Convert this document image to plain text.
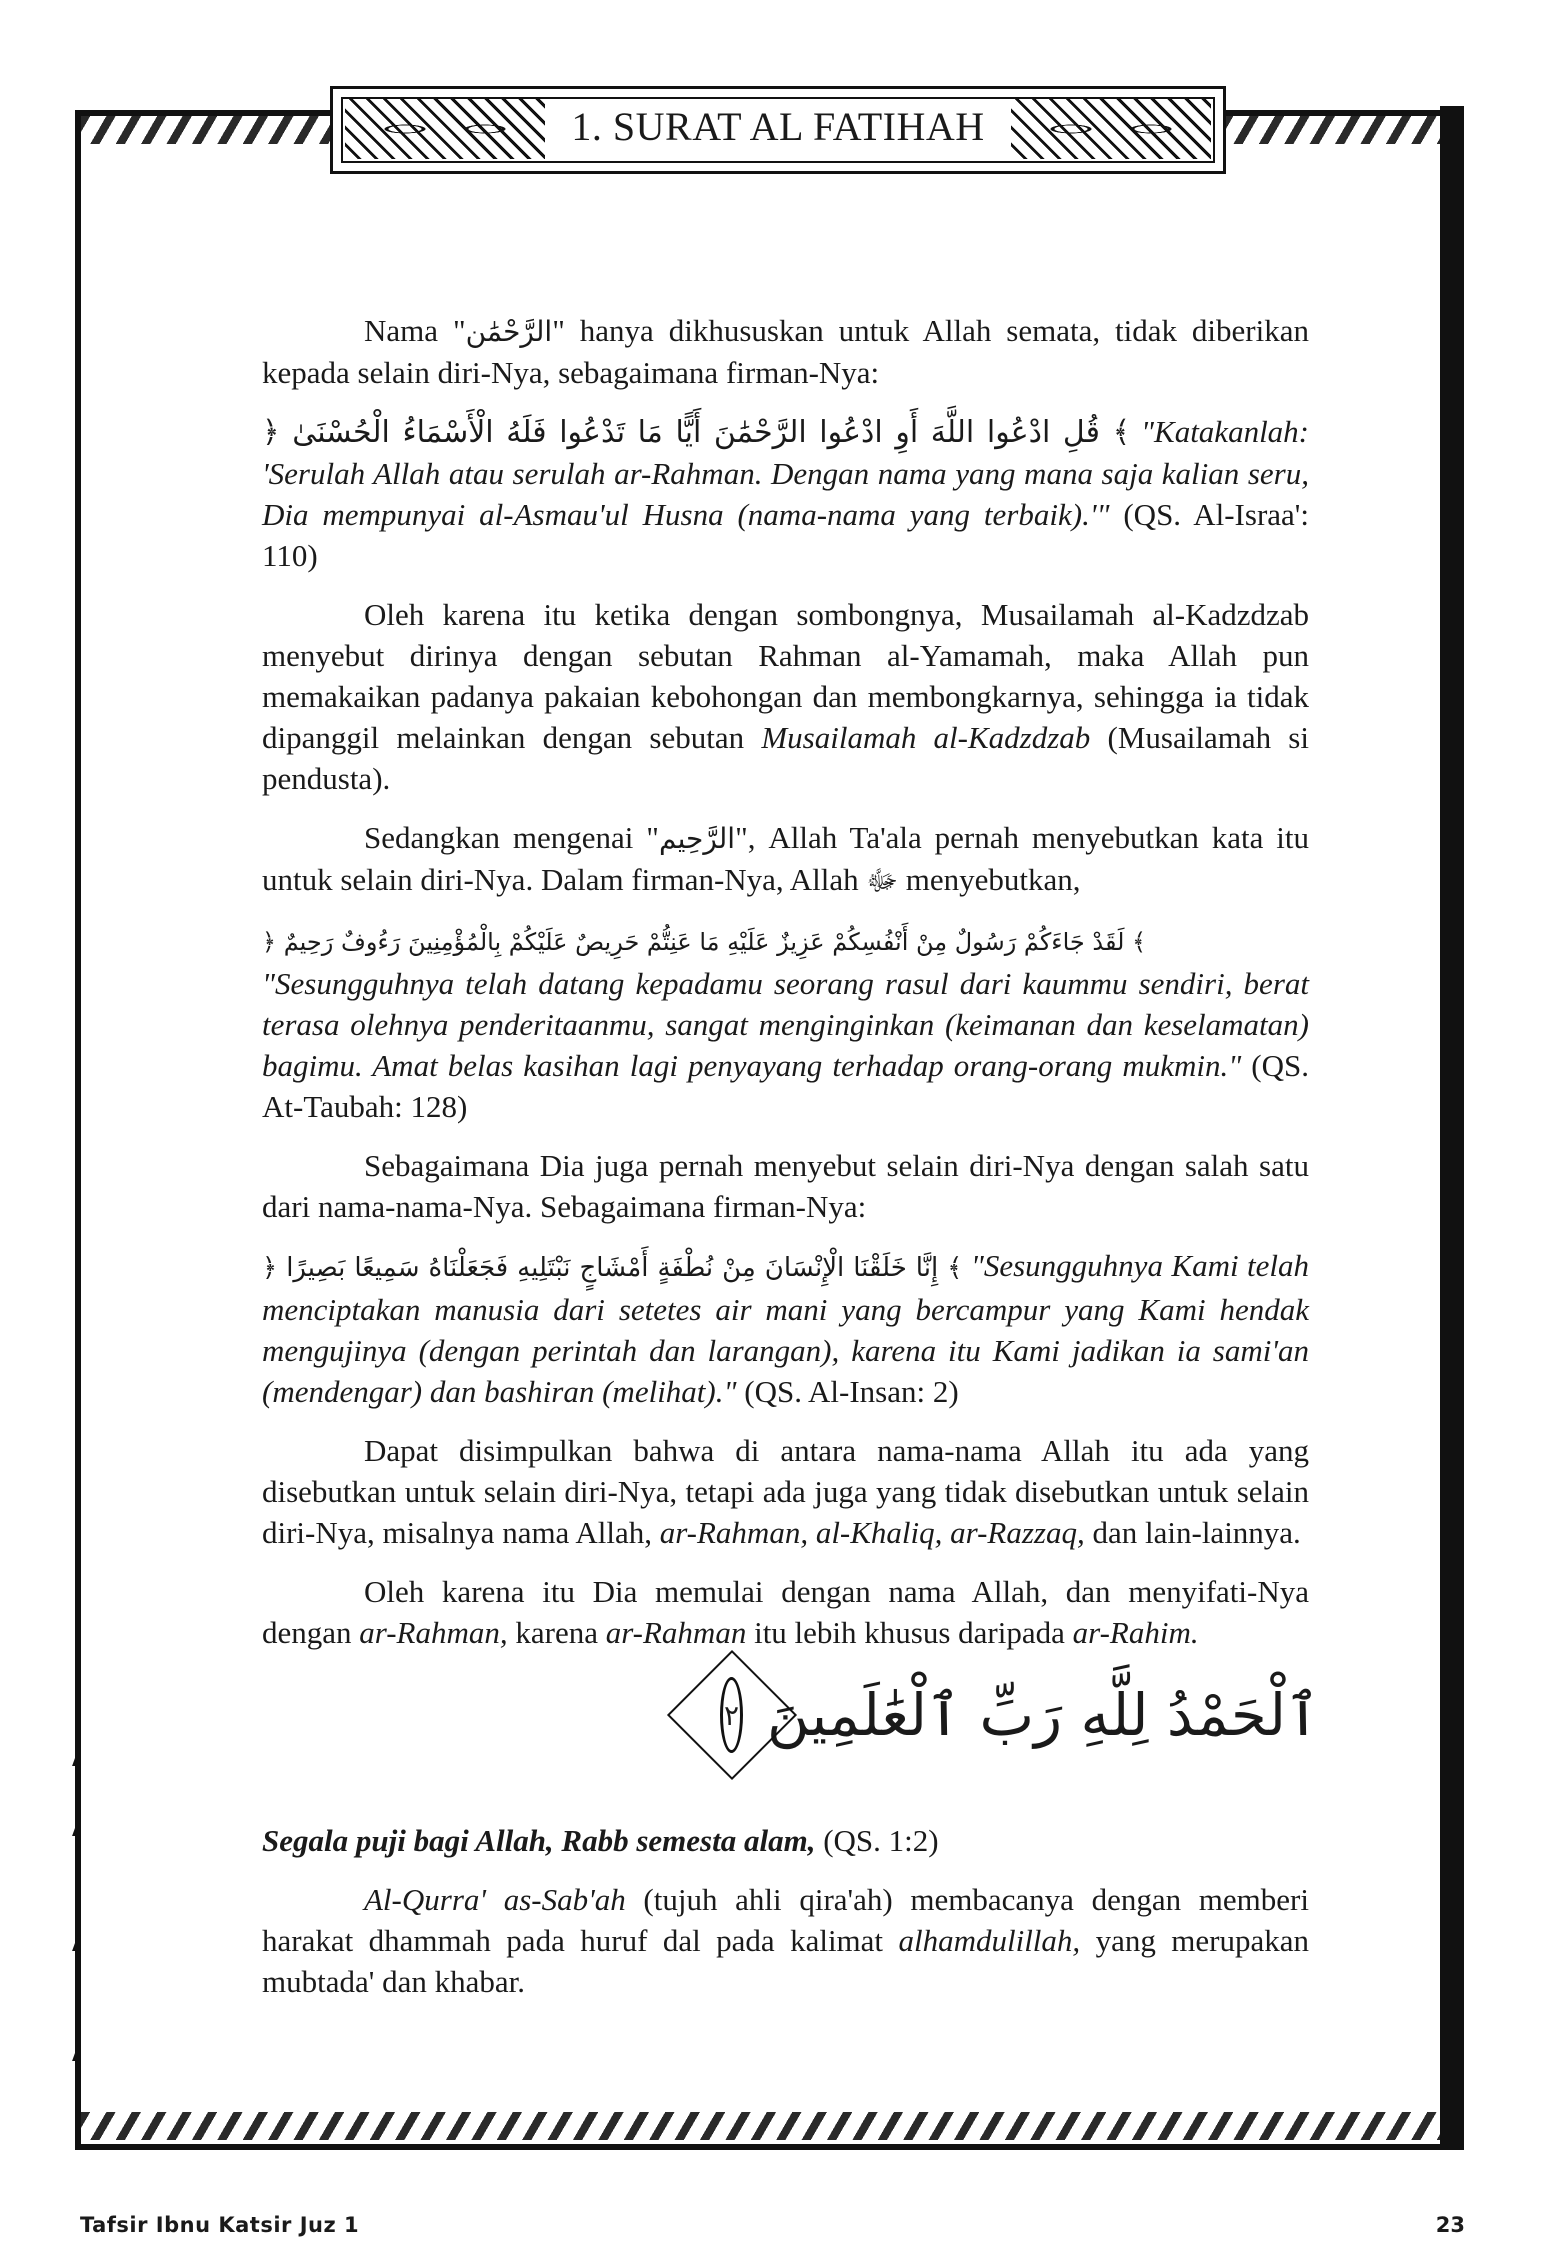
1. SURAT AL FATIHAH

Nama "الرَّحْمَٰن" hanya dikhususkan untuk Allah semata, tidak diberikan kepada selain diri-Nya, sebagaimana firman-Nya:

﴿ قُلِ ادْعُوا اللَّهَ أَوِ ادْعُوا الرَّحْمَٰنَ أَيًّا مَا تَدْعُوا فَلَهُ الْأَسْمَاءُ الْحُسْنَىٰ ﴾ "Katakanlah: 'Serulah Allah atau serulah ar-Rahman. Dengan nama yang mana saja kalian seru, Dia mempunyai al-Asmau'ul Husna (nama-nama yang terbaik).'" (QS. Al-Israa': 110)

Oleh karena itu ketika dengan sombongnya, Musailamah al-Kadzdzab menyebut dirinya dengan sebutan Rahman al-Yamamah, maka Allah pun memakaikan padanya pakaian kebohongan dan membongkarnya, sehingga ia tidak dipanggil melainkan dengan sebutan Musailamah al-Kadzdzab (Musailamah si pendusta).

Sedangkan mengenai "الرَّحِيم", Allah Ta'ala pernah menyebutkan kata itu untuk selain diri-Nya. Dalam firman-Nya, Allah ﷻ menyebutkan,

﴿ لَقَدْ جَاءَكُمْ رَسُولٌ مِنْ أَنْفُسِكُمْ عَزِيزٌ عَلَيْهِ مَا عَنِتُّمْ حَرِيصٌ عَلَيْكُمْ بِالْمُؤْمِنِينَ رَءُوفٌ رَحِيمٌ ﴾
"Sesungguhnya telah datang kepadamu seorang rasul dari kaummu sendiri, berat terasa olehnya penderitaanmu, sangat menginginkan (keimanan dan keselamatan) bagimu. Amat belas kasihan lagi penyayang terhadap orang-orang mukmin." (QS. At-Taubah: 128)

Sebagaimana Dia juga pernah menyebut selain diri-Nya dengan salah satu dari nama-nama-Nya. Sebagaimana firman-Nya:

﴿ إِنَّا خَلَقْنَا الْإِنْسَانَ مِنْ نُطْفَةٍ أَمْشَاجٍ نَبْتَلِيهِ فَجَعَلْنَاهُ سَمِيعًا بَصِيرًا ﴾ "Sesungguhnya Kami telah menciptakan manusia dari setetes air mani yang bercampur yang Kami hendak mengujinya (dengan perintah dan larangan), karena itu Kami jadikan ia sami'an (mendengar) dan bashiran (melihat)." (QS. Al-Insan: 2)

Dapat disimpulkan bahwa di antara nama-nama Allah itu ada yang disebutkan untuk selain diri-Nya, tetapi ada juga yang tidak disebutkan untuk selain diri-Nya, misalnya nama Allah, ar-Rahman, al-Khaliq, ar-Razzaq, dan lain-lainnya.

Oleh karena itu Dia memulai dengan nama Allah, dan menyifati-Nya dengan ar-Rahman, karena ar-Rahman itu lebih khusus daripada ar-Rahim.

٢ ٱلْحَمْدُ لِلَّهِ رَبِّ ٱلْعَٰلَمِينَ

Segala puji bagi Allah, Rabb semesta alam, (QS. 1:2)

Al-Qurra' as-Sab'ah (tujuh ahli qira'ah) membacanya dengan memberi harakat dhammah pada huruf dal pada kalimat alhamdulillah, yang merupakan mubtada' dan khabar.

Tafsir Ibnu Katsir Juz 1	23
